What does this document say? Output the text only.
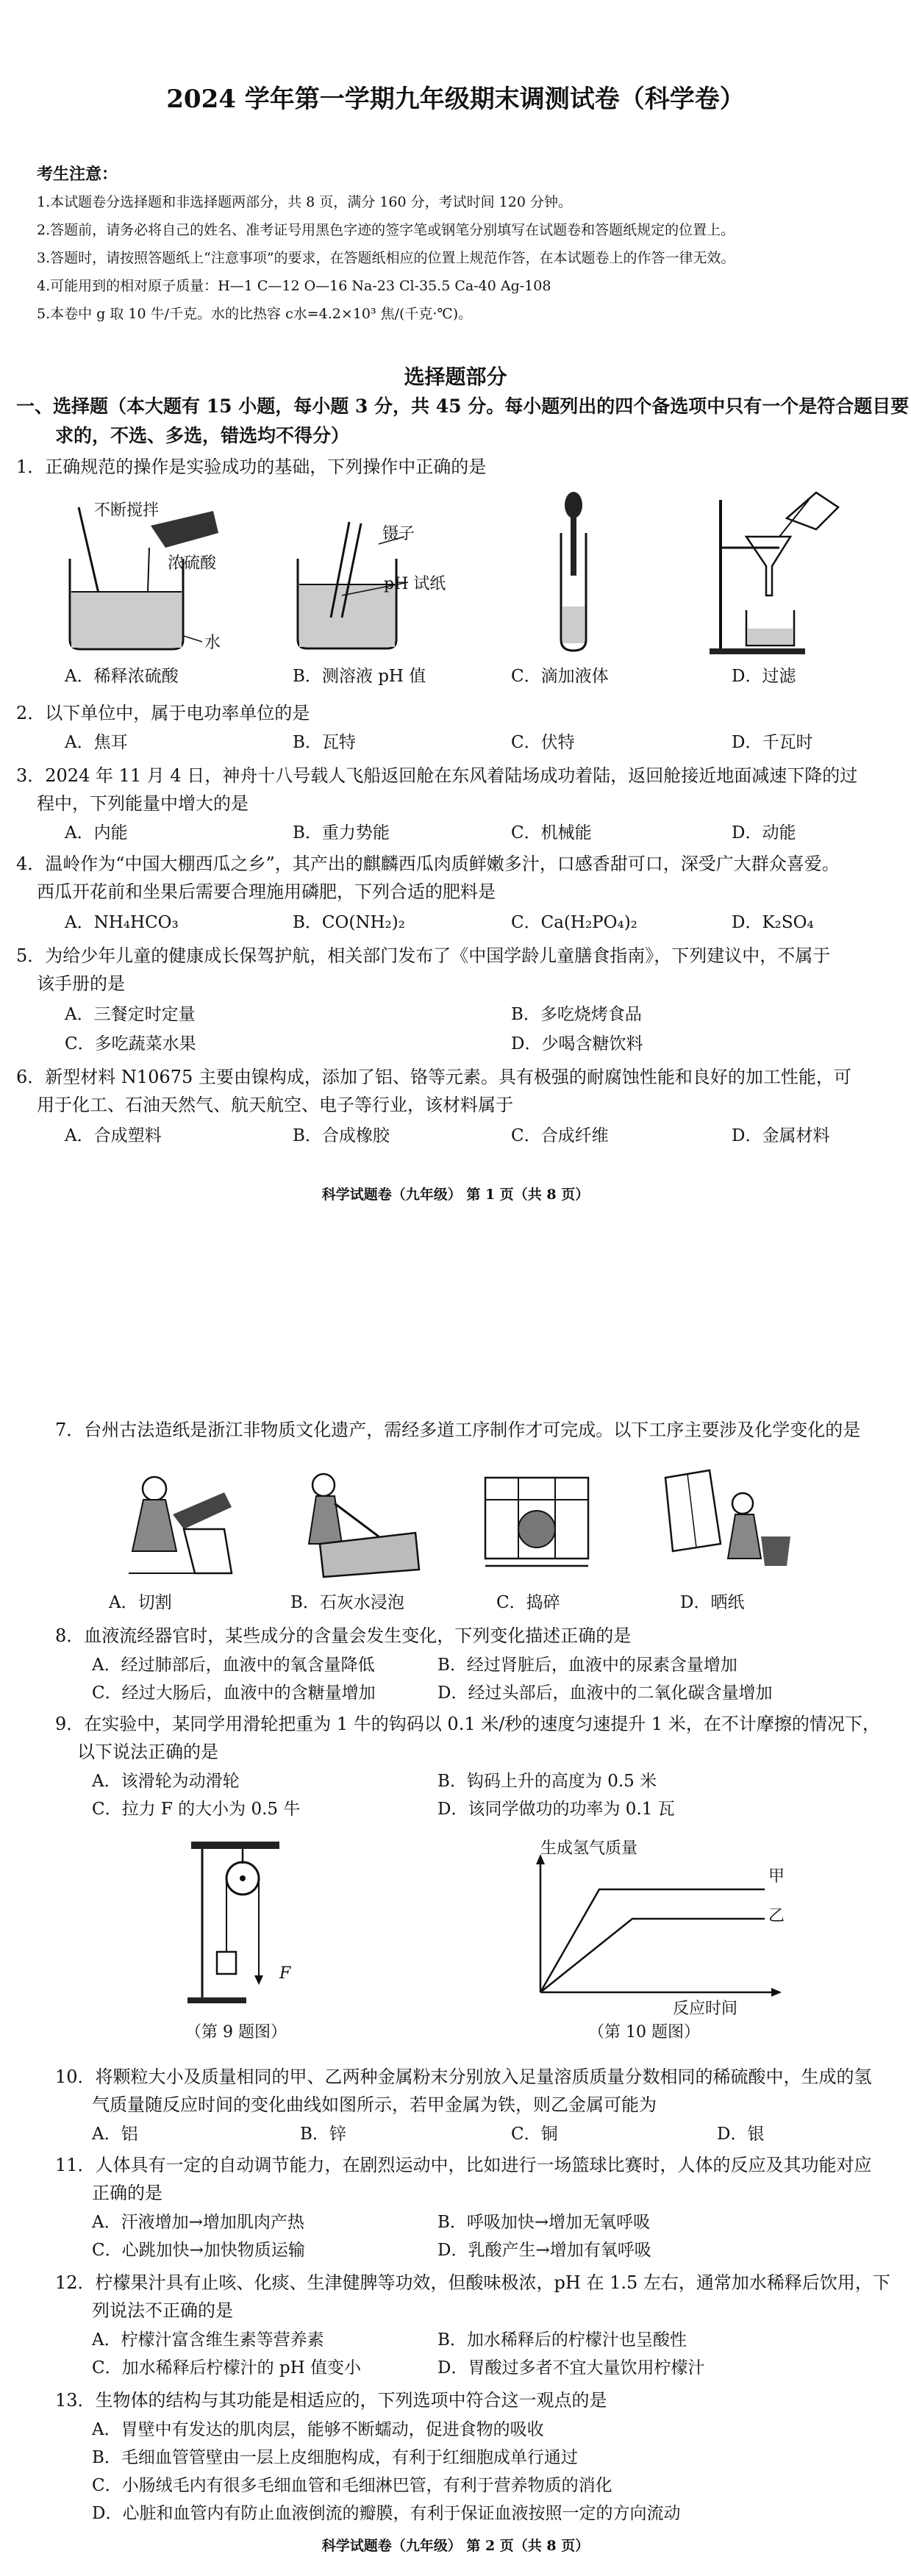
2024 学年第一学期九年级期末调测试卷（科学卷）
考生注意：
1.本试题卷分选择题和非选择题两部分，共 8 页，满分 160 分，考试时间 120 分钟。
2.答题前，请务必将自己的姓名、准考证号用黑色字迹的签字笔或钢笔分别填写在试题卷和答题纸规定的位置上。
3.答题时，请按照答题纸上“注意事项”的要求，在答题纸相应的位置上规范作答，在本试题卷上的作答一律无效。
4.可能用到的相对原子质量：H—1 C—12 O—16 Na-23 Cl-35.5 Ca-40 Ag-108
5.本卷中 g 取 10 牛/千克。水的比热容 c水=4.2×10³ 焦/(千克·℃)。
选择题部分
一、选择题（本大题有 15 小题，每小题 3 分，共 45 分。每小题列出的四个备选项中只有一个是符合题目要
求的，不选、多选，错选均不得分）
1．正确规范的操作是实验成功的基础，下列操作中正确的是
不断搅拌
浓硫酸
水
镊子
pH 试纸
A．稀释浓硫酸	B．测溶液 pH 值	C．滴加液体	D．过滤
2．以下单位中，属于电功率单位的是
A．焦耳	B．瓦特	C．伏特	D．千瓦时
3．2024 年 11 月 4 日，神舟十八号载人飞船返回舱在东风着陆场成功着陆，返回舱接近地面减速下降的过
程中，下列能量中增大的是
A．内能	B．重力势能	C．机械能	D．动能
4．温岭作为“中国大棚西瓜之乡”，其产出的麒麟西瓜肉质鲜嫩多汁，口感香甜可口，深受广大群众喜爱。
西瓜开花前和坐果后需要合理施用磷肥，下列合适的肥料是
A．NH₄HCO₃	B．CO(NH₂)₂	C．Ca(H₂PO₄)₂	D．K₂SO₄
5．为给少年儿童的健康成长保驾护航，相关部门发布了《中国学龄儿童膳食指南》，下列建议中，不属于
该手册的是
A．三餐定时定量	B．多吃烧烤食品
C．多吃蔬菜水果	D．少喝含糖饮料
6．新型材料 N10675 主要由镍构成，添加了铝、铬等元素。具有极强的耐腐蚀性能和良好的加工性能，可
用于化工、石油天然气、航天航空、电子等行业，该材料属于
A．合成塑料	B．合成橡胶	C．合成纤维	D．金属材料
科学试题卷（九年级） 第 1 页（共 8 页）
7．台州古法造纸是浙江非物质文化遗产，需经多道工序制作才可完成。以下工序主要涉及化学变化的是
A．切割	B．石灰水浸泡	C．捣碎	D．晒纸
8．血液流经器官时，某些成分的含量会发生变化，下列变化描述正确的是
A．经过肺部后，血液中的氧含量降低	B．经过肾脏后，血液中的尿素含量增加
C．经过大肠后，血液中的含糖量增加	D．经过头部后，血液中的二氧化碳含量增加
9．在实验中，某同学用滑轮把重为 1 牛的钩码以 0.1 米/秒的速度匀速提升 1 米，在不计摩擦的情况下，
以下说法正确的是
A．该滑轮为动滑轮	B．钩码上升的高度为 0.5 米
C．拉力 F 的大小为 0.5 牛	D．该同学做功的功率为 0.1 瓦
F
（第 9 题图）
生成氢气质量
反应时间
甲
乙
（第 10 题图）
10．将颗粒大小及质量相同的甲、乙两种金属粉末分别放入足量溶质质量分数相同的稀硫酸中，生成的氢
气质量随反应时间的变化曲线如图所示，若甲金属为铁，则乙金属可能为
A．铝	B．锌	C．铜	D．银
11．人体具有一定的自动调节能力，在剧烈运动中，比如进行一场篮球比赛时，人体的反应及其功能对应
正确的是
A．汗液增加→增加肌肉产热	B．呼吸加快→增加无氧呼吸
C．心跳加快→加快物质运输	D．乳酸产生→增加有氧呼吸
12．柠檬果汁具有止咳、化痰、生津健脾等功效，但酸味极浓，pH 在 1.5 左右，通常加水稀释后饮用，下
列说法不正确的是
A．柠檬汁富含维生素等营养素	B．加水稀释后的柠檬汁也呈酸性
C．加水稀释后柠檬汁的 pH 值变小	D．胃酸过多者不宜大量饮用柠檬汁
13．生物体的结构与其功能是相适应的，下列选项中符合这一观点的是
A．胃壁中有发达的肌肉层，能够不断蠕动，促进食物的吸收
B．毛细血管管壁由一层上皮细胞构成，有利于红细胞成单行通过
C．小肠绒毛内有很多毛细血管和毛细淋巴管，有利于营养物质的消化
D．心脏和血管内有防止血液倒流的瓣膜，有利于保证血液按照一定的方向流动
科学试题卷（九年级） 第 2 页（共 8 页）
